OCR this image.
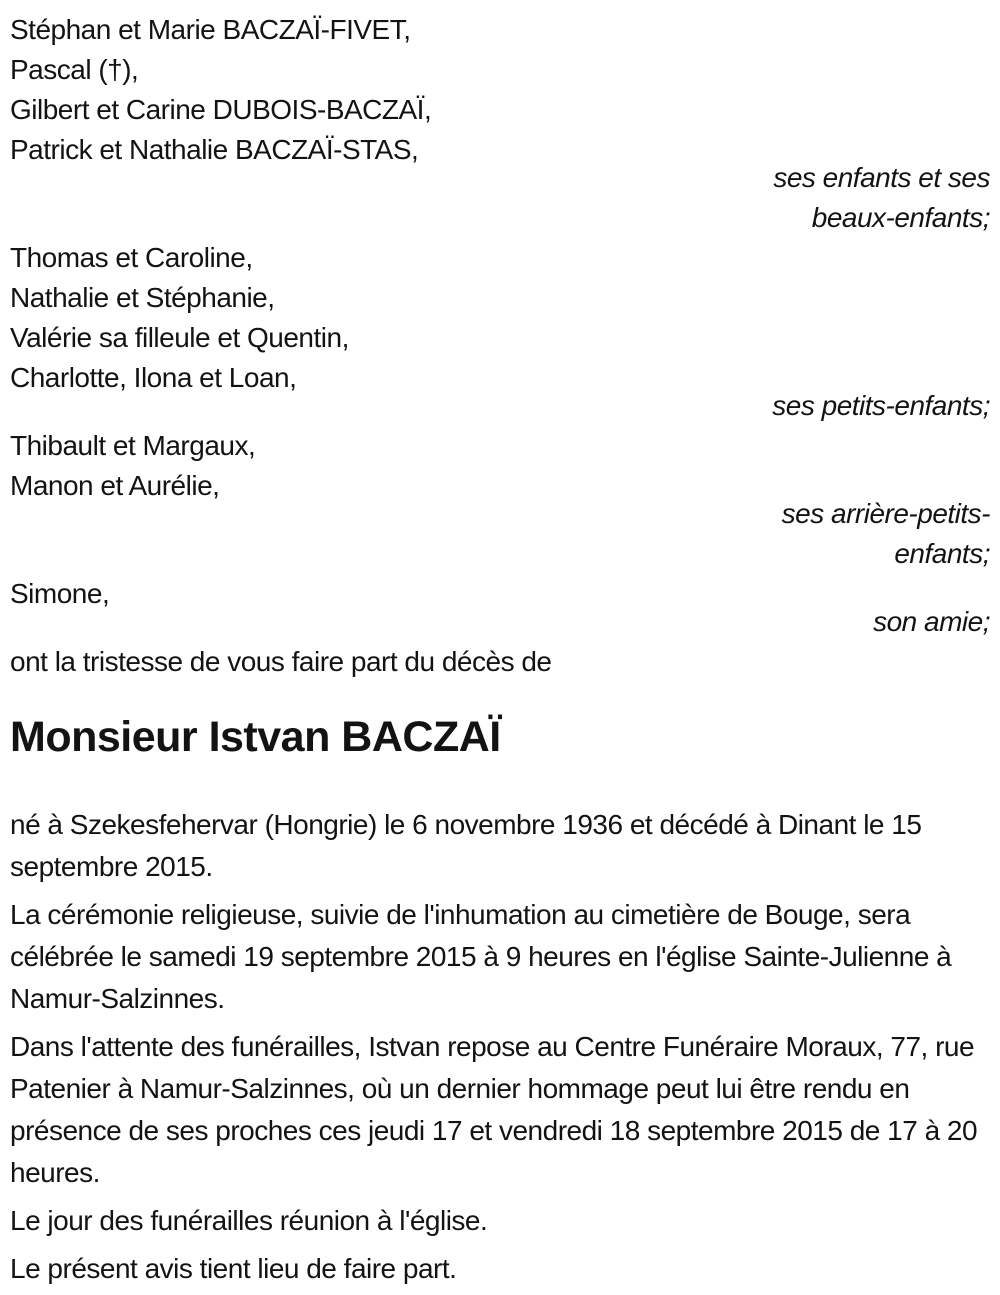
Stéphan et Marie BACZAÏ-FIVET,
Pascal (†),
Gilbert et Carine DUBOIS-BACZAÏ,
Patrick et Nathalie BACZAÏ-STAS,
ses enfants et ses
beaux-enfants;
Thomas et Caroline,
Nathalie et Stéphanie,
Valérie sa filleule et Quentin,
Charlotte, Ilona et Loan,
ses petits-enfants;
Thibault et Margaux,
Manon et Aurélie,
ses arrière-petits-
enfants;
Simone,
son amie;

ont la tristesse de vous faire part du décès de

Monsieur Istvan BACZAÏ

né à Szekesfehervar (Hongrie) le 6 novembre 1936 et décédé à Dinant le 15 septembre 2015.

La cérémonie religieuse, suivie de l'inhumation au cimetière de Bouge, sera célébrée le samedi 19 septembre 2015 à 9 heures en l'église Sainte-Julienne à Namur-Salzinnes.

Dans l'attente des funérailles, Istvan repose au Centre Funéraire Moraux, 77, rue Patenier à Namur-Salzinnes, où un dernier hommage peut lui être rendu en présence de ses proches ces jeudi 17 et vendredi 18 septembre 2015 de 17 à 20 heures.

Le jour des funérailles réunion à l'église.

Le présent avis tient lieu de faire part.
